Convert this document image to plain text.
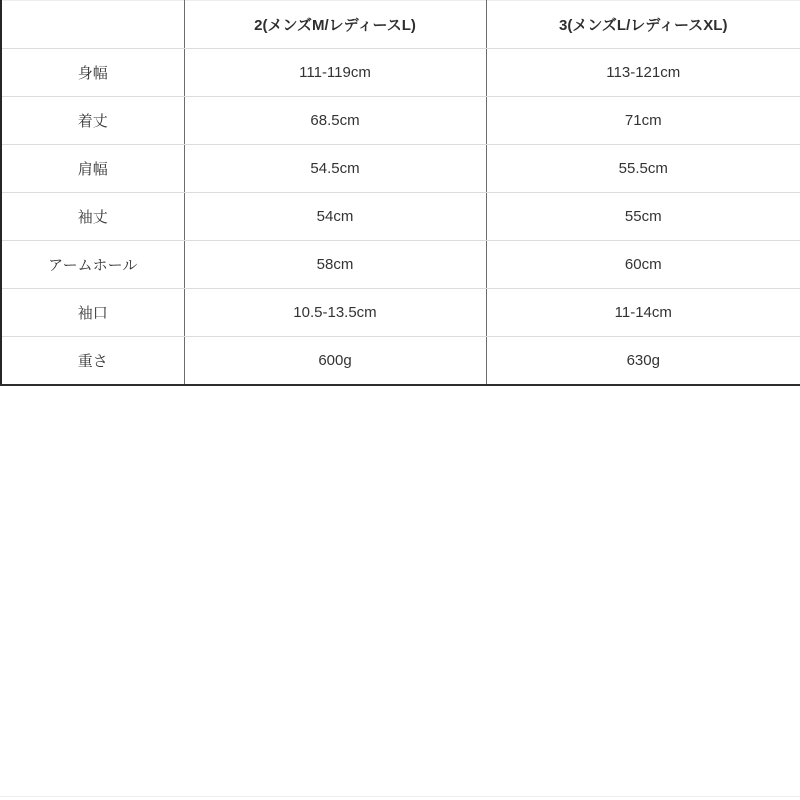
	2(メンズM/レディースL)	3(メンズL/レディースXL)
身幅	111-119cm	113-121cm
着丈	68.5cm	71cm
肩幅	54.5cm	55.5cm
袖丈	54cm	55cm
アームホール	58cm	60cm
袖口	10.5-13.5cm	11-14cm
重さ	600g	630g
